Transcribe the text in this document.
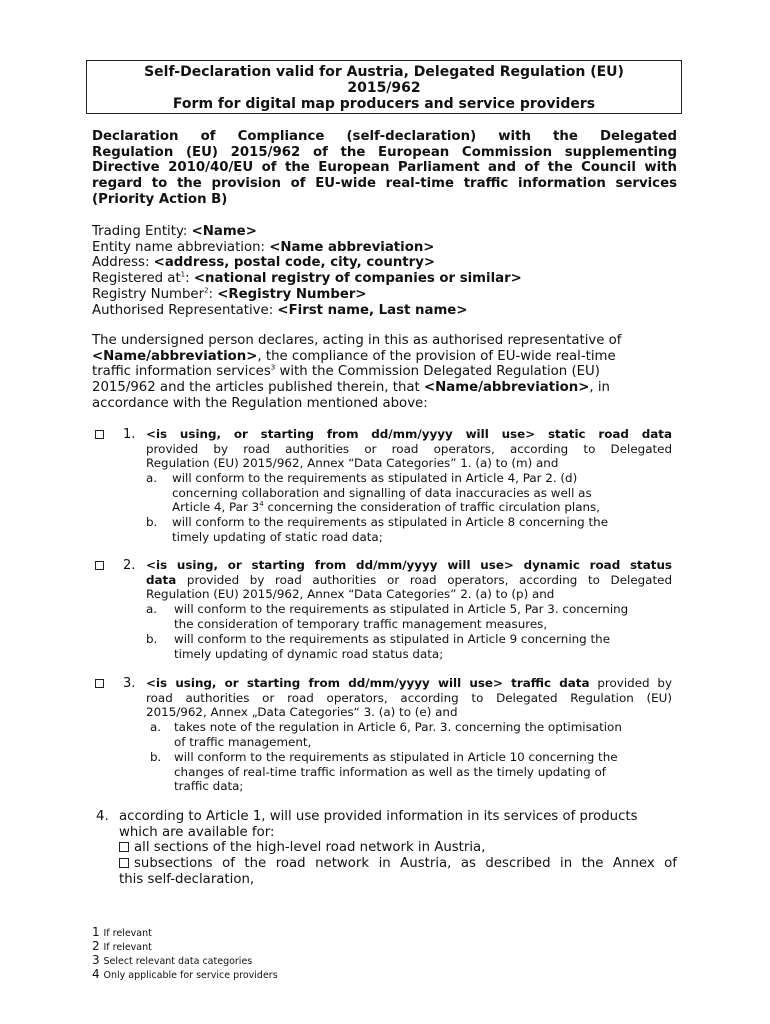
Self-Declaration valid for Austria, Delegated Regulation (EU)
2015/962
Form for digital map producers and service providers
Declaration of Compliance (self-declaration) with the Delegated
Regulation (EU) 2015/962 of the European Commission supplementing
Directive 2010/40/EU of the European Parliament and of the Council with
regard to the provision of EU-wide real-time traffic information services
(Priority Action B)
Trading Entity: <Name>
Entity name abbreviation: <Name abbreviation>
Address: <address, postal code, city, country>
Registered $at^1$: <national registry of companies or similar>
Registry Number$^2$: <Registry Number>
Authorised Representative: <First name, Last name>
The undersigned person declares, acting in this as authorised representative of
<Name/abbreviation>, the compliance of the provision of EU-wide real-time
traffic information services$^3$ with the Commission Delegated Regulation (EU)
2015/962 and the articles published therein, that <Name/abbreviation>, in
accordance with the Regulation mentioned above:
1. <is using, or starting from dd/mm/yyyy will use> static road data
provided by road authorities or road operators, according to Delegated
Regulation (EU) 2015/962, Annex “Data Categories” 1. (a) to (m) and
a. will conform to the requirements as stipulated in Article 4, Par 2. (d)
concerning collaboration and signalling of data inaccuracies as well as
Article 4, Par $3^4$ concerning the consideration of traffic circulation plans,
b. will conform to the requirements as stipulated in Article 8 concerning the
timely updating of static road data;
2. <is using, or starting from dd/mm/yyyy will use> dynamic road status
data provided by road authorities or road operators, according to Delegated
Regulation (EU) 2015/962, Annex “Data Categories” 2. (a) to (p) and
a. will conform to the requirements as stipulated in Article 5, Par 3. concerning
the consideration of temporary traffic management measures,
b. will conform to the requirements as stipulated in Article 9 concerning the
timely updating of dynamic road status data;
3. <is using, or starting from dd/mm/yyyy will use> traffic data provided by
road authorities or road operators, according to Delegated Regulation (EU)
2015/962, Annex „Data Categories“ 3. (a) to (e) and
a. takes note of the regulation in Article 6, Par. 3. concerning the optimisation
of traffic management,
b. will conform to the requirements as stipulated in Article 10 concerning the
changes of real-time traffic information as well as the timely updating of
traffic data;
4. according to Article 1, will use provided information in its services of products
which are available for:
all sections of the high-level road network in Austria,
subsections of the road network in Austria, as described in the Annex of
this self-declaration,
1 If relevant
2 If relevant
3 Select relevant data categories
4 Only applicable for service providers
